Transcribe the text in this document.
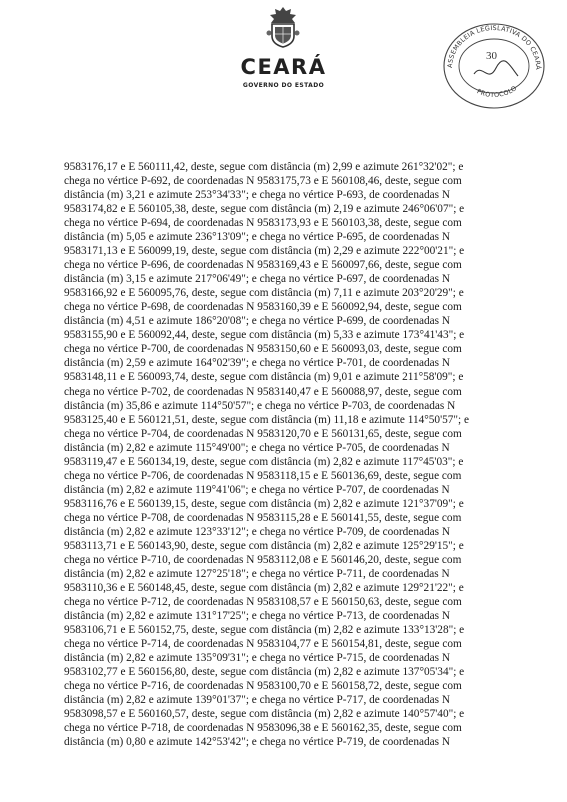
CEARÁ
GOVERNO DO ESTADO
ASSEMBLEIA LEGISLATIVA DO CEARÁ
PROTOCOLO
30
9583176,17 e E 560111,42, deste, segue com distância (m) 2,99 e azimute 261°32'02"; e
chega no vértice P-692, de coordenadas N 9583175,73 e E 560108,46, deste, segue com
distância (m) 3,21 e azimute 253°34'33"; e chega no vértice P-693, de coordenadas N
9583174,82 e E 560105,38, deste, segue com distância (m) 2,19 e azimute 246°06'07"; e
chega no vértice P-694, de coordenadas N 9583173,93 e E 560103,38, deste, segue com
distância (m) 5,05 e azimute 236°13'09"; e chega no vértice P-695, de coordenadas N
9583171,13 e E 560099,19, deste, segue com distância (m) 2,29 e azimute 222°00'21"; e
chega no vértice P-696, de coordenadas N 9583169,43 e E 560097,66, deste, segue com
distância (m) 3,15 e azimute 217°06'49"; e chega no vértice P-697, de coordenadas N
9583166,92 e E 560095,76, deste, segue com distância (m) 7,11 e azimute 203°20'29"; e
chega no vértice P-698, de coordenadas N 9583160,39 e E 560092,94, deste, segue com
distância (m) 4,51 e azimute 186°20'08"; e chega no vértice P-699, de coordenadas N
9583155,90 e E 560092,44, deste, segue com distância (m) 5,33 e azimute 173°41'43"; e
chega no vértice P-700, de coordenadas N 9583150,60 e E 560093,03, deste, segue com
distância (m) 2,59 e azimute 164°02'39"; e chega no vértice P-701, de coordenadas N
9583148,11 e E 560093,74, deste, segue com distância (m) 9,01 e azimute 211°58'09"; e
chega no vértice P-702, de coordenadas N 9583140,47 e E 560088,97, deste, segue com
distância (m) 35,86 e azimute 114°50'57"; e chega no vértice P-703, de coordenadas N
9583125,40 e E 560121,51, deste, segue com distância (m) 11,18 e azimute 114°50'57"; e
chega no vértice P-704, de coordenadas N 9583120,70 e E 560131,65, deste, segue com
distância (m) 2,82 e azimute 115°49'00"; e chega no vértice P-705, de coordenadas N
9583119,47 e E 560134,19, deste, segue com distância (m) 2,82 e azimute 117°45'03"; e
chega no vértice P-706, de coordenadas N 9583118,15 e E 560136,69, deste, segue com
distância (m) 2,82 e azimute 119°41'06"; e chega no vértice P-707, de coordenadas N
9583116,76 e E 560139,15, deste, segue com distância (m) 2,82 e azimute 121°37'09"; e
chega no vértice P-708, de coordenadas N 9583115,28 e E 560141,55, deste, segue com
distância (m) 2,82 e azimute 123°33'12"; e chega no vértice P-709, de coordenadas N
9583113,71 e E 560143,90, deste, segue com distância (m) 2,82 e azimute 125°29'15"; e
chega no vértice P-710, de coordenadas N 9583112,08 e E 560146,20, deste, segue com
distância (m) 2,82 e azimute 127°25'18"; e chega no vértice P-711, de coordenadas N
9583110,36 e E 560148,45, deste, segue com distância (m) 2,82 e azimute 129°21'22"; e
chega no vértice P-712, de coordenadas N 9583108,57 e E 560150,63, deste, segue com
distância (m) 2,82 e azimute 131°17'25"; e chega no vértice P-713, de coordenadas N
9583106,71 e E 560152,75, deste, segue com distância (m) 2,82 e azimute 133°13'28"; e
chega no vértice P-714, de coordenadas N 9583104,77 e E 560154,81, deste, segue com
distância (m) 2,82 e azimute 135°09'31"; e chega no vértice P-715, de coordenadas N
9583102,77 e E 560156,80, deste, segue com distância (m) 2,82 e azimute 137°05'34"; e
chega no vértice P-716, de coordenadas N 9583100,70 e E 560158,72, deste, segue com
distância (m) 2,82 e azimute 139°01'37"; e chega no vértice P-717, de coordenadas N
9583098,57 e E 560160,57, deste, segue com distância (m) 2,82 e azimute 140°57'40"; e
chega no vértice P-718, de coordenadas N 9583096,38 e E 560162,35, deste, segue com
distância (m) 0,80 e azimute 142°53'42"; e chega no vértice P-719, de coordenadas N
